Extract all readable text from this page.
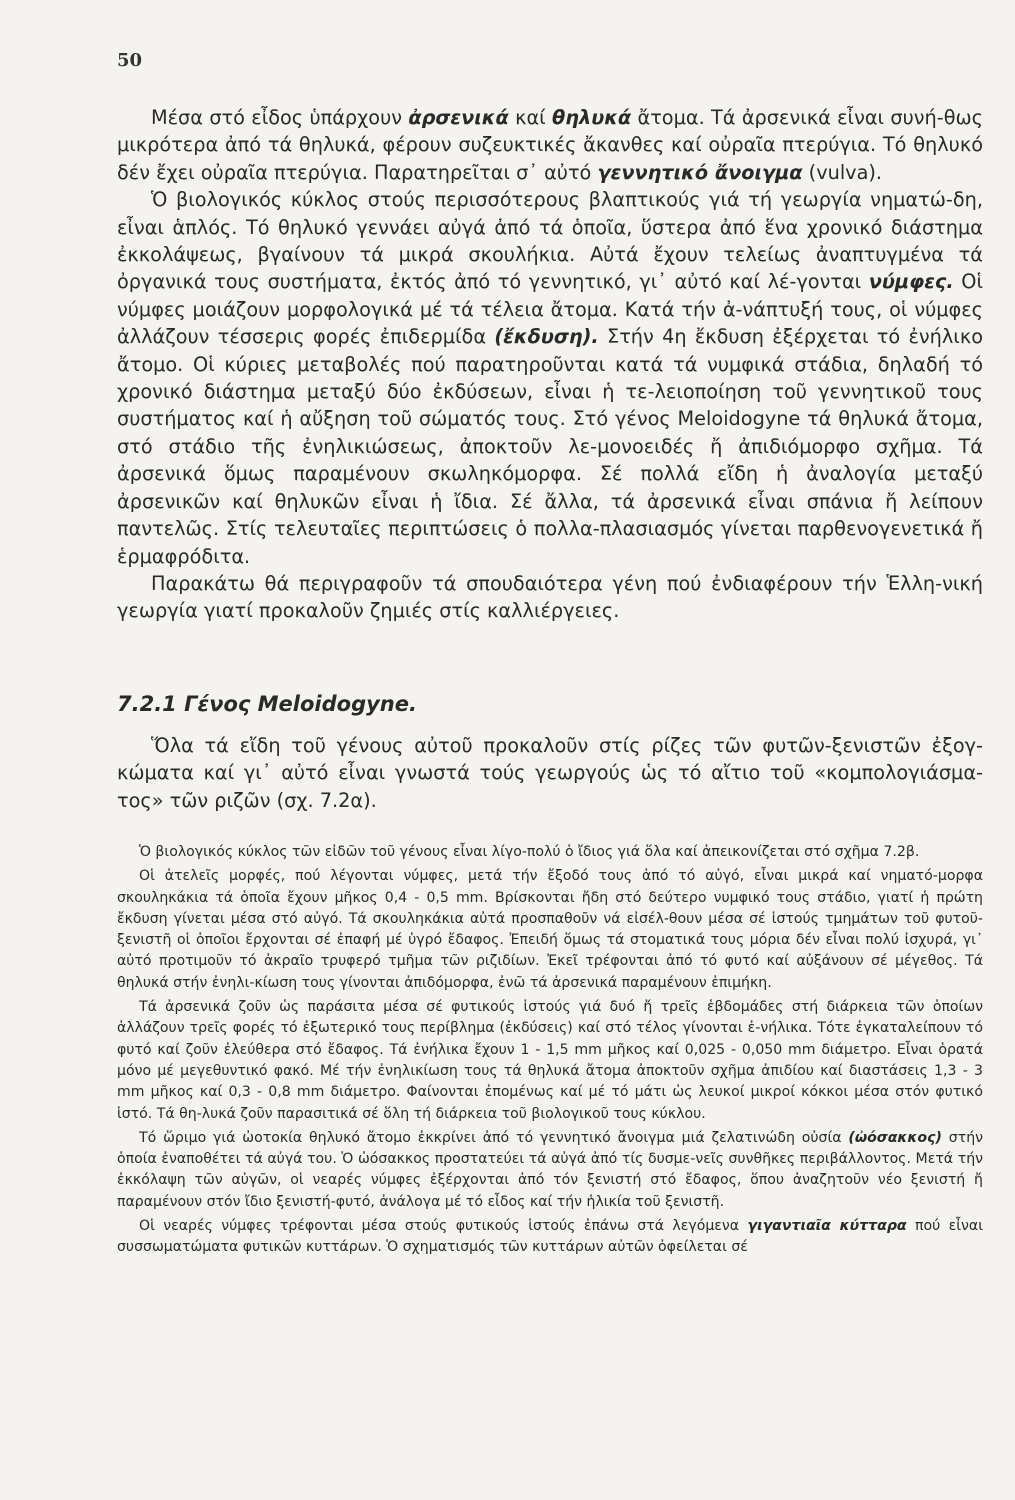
50

Μέσα στό εἶδος ὑπάρχουν ἀρσενικά καί θηλυκά ἄτομα. Τά ἀρσενικά εἶναι συνή-θως μικρότερα ἀπό τά θηλυκά, φέρουν συζευκτικές ἄκανθες καί οὐραῖα πτερύγια. Τό θηλυκό δέν ἔχει οὐραῖα πτερύγια. Παρατηρεῖται σ᾽ αὐτό γεννητικό ἄνοιγμα (vulva).

Ὁ βιολογικός κύκλος στούς περισσότερους βλαπτικούς γιά τή γεωργία νηματώ-δη, εἶναι ἁπλός. Τό θηλυκό γεννάει αὐγά ἀπό τά ὁποῖα, ὕστερα ἀπό ἕνα χρονικό διάστημα ἐκκολάψεως, βγαίνουν τά μικρά σκουλήκια. Αὐτά ἔχουν τελείως ἀναπτυγμένα τά ὀργανικά τους συστήματα, ἐκτός ἀπό τό γεννητικό, γι᾽ αὐτό καί λέ-γονται νύμφες. Οἱ νύμφες μοιάζουν μορφολογικά μέ τά τέλεια ἄτομα. Κατά τήν ἀ-νάπτυξή τους, οἱ νύμφες ἀλλάζουν τέσσερις φορές ἐπιδερμίδα (ἔκδυση). Στήν 4η ἔκδυση ἐξέρχεται τό ἐνήλικο ἄτομο. Οἱ κύριες μεταβολές πού παρατηροῦνται κατά τά νυμφικά στάδια, δηλαδή τό χρονικό διάστημα μεταξύ δύο ἐκδύσεων, εἶναι ἡ τε-λειοποίηση τοῦ γεννητικοῦ τους συστήματος καί ἡ αὔξηση τοῦ σώματός τους. Στό γένος Meloidogyne τά θηλυκά ἄτομα, στό στάδιο τῆς ἐνηλικιώσεως, ἀποκτοῦν λε-μονοειδές ἤ ἀπιδιόμορφο σχῆμα. Τά ἀρσενικά ὅμως παραμένουν σκωληκόμορφα. Σέ πολλά εἴδη ἡ ἀναλογία μεταξύ ἀρσενικῶν καί θηλυκῶν εἶναι ἡ ἴδια. Σέ ἄλλα, τά ἀρσενικά εἶναι σπάνια ἤ λείπουν παντελῶς. Στίς τελευταῖες περιπτώσεις ὁ πολλα-πλασιασμός γίνεται παρθενογενετικά ἤ ἑρμαφρόδιτα.

Παρακάτω θά περιγραφοῦν τά σπουδαιότερα γένη πού ἐνδιαφέρουν τήν Ἑλλη-νική γεωργία γιατί προκαλοῦν ζημιές στίς καλλιέργειες.

7.2.1 Γένος Meloidogyne.

Ὅλα τά εἴδη τοῦ γένους αὐτοῦ προκαλοῦν στίς ρίζες τῶν φυτῶν-ξενιστῶν ἐξογ-κώματα καί γι᾽ αὐτό εἶναι γνωστά τούς γεωργούς ὡς τό αἴτιο τοῦ «κομπολογιάσμα-τος» τῶν ριζῶν (σχ. 7.2α).

Ὁ βιολογικός κύκλος τῶν εἰδῶν τοῦ γένους εἶναι λίγο-πολύ ὁ ἴδιος γιά ὅλα καί ἀπεικονίζεται στό σχῆμα 7.2β.

Οἱ ἀτελεῖς μορφές, πού λέγονται νύμφες, μετά τήν ἔξοδό τους ἀπό τό αὐγό, εἶναι μικρά καί νηματό-μορφα σκουληκάκια τά ὁποῖα ἔχουν μῆκος 0,4 - 0,5 mm. Βρίσκονται ἤδη στό δεύτερο νυμφικό τους στάδιο, γιατί ἡ πρώτη ἔκδυση γίνεται μέσα στό αὐγό. Τά σκουληκάκια αὐτά προσπαθοῦν νά εἰσέλ-θουν μέσα σέ ἱστούς τμημάτων τοῦ φυτοῦ-ξενιστῆ οἱ ὁποῖοι ἔρχονται σέ ἐπαφή μέ ὑγρό ἔδαφος. Ἐπειδή ὅμως τά στοματικά τους μόρια δέν εἶναι πολύ ἰσχυρά, γι᾽ αὐτό προτιμοῦν τό ἀκραῖο τρυφερό τμῆμα τῶν ριζιδίων. Ἐκεῖ τρέφονται ἀπό τό φυτό καί αὐξάνουν σέ μέγεθος. Τά θηλυκά στήν ἐνηλι-κίωση τους γίνονται ἀπιδόμορφα, ἐνῶ τά ἀρσενικά παραμένουν ἐπιμήκη.

Τά ἀρσενικά ζοῦν ὡς παράσιτα μέσα σέ φυτικούς ἱστούς γιά δυό ἤ τρεῖς ἑβδομάδες στή διάρκεια τῶν ὁποίων ἀλλάζουν τρεῖς φορές τό ἐξωτερικό τους περίβλημα (ἐκδύσεις) καί στό τέλος γίνονται ἐ-νήλικα. Τότε ἐγκαταλείπουν τό φυτό καί ζοῦν ἐλεύθερα στό ἔδαφος. Τά ἐνήλικα ἔχουν 1 - 1,5 mm μῆκος καί 0,025 - 0,050 mm διάμετρο. Εἶναι ὁρατά μόνο μέ μεγεθυντικό φακό. Μέ τήν ἐνηλικίωση τους τά θηλυκά ἄτομα ἀποκτοῦν σχῆμα ἀπιδίου καί διαστάσεις 1,3 - 3 mm μῆκος καί 0,3 - 0,8 mm διάμετρο. Φαίνονται ἐπομένως καί μέ τό μάτι ὡς λευκοί μικροί κόκκοι μέσα στόν φυτικό ἱστό. Τά θη-λυκά ζοῦν παρασιτικά σέ ὅλη τή διάρκεια τοῦ βιολογικοῦ τους κύκλου.

Τό ὥριμο γιά ὠοτοκία θηλυκό ἄτομο ἐκκρίνει ἀπό τό γεννητικό ἄνοιγμα μιά ζελατινώδη οὐσία (ὠόσακκος) στήν ὁποία ἐναποθέτει τά αὐγά του. Ὁ ὠόσακκος προστατεύει τά αὐγά ἀπό τίς δυσμε-νεῖς συνθῆκες περιβάλλοντος. Μετά τήν ἐκκόλαψη τῶν αὐγῶν, οἱ νεαρές νύμφες ἐξέρχονται ἀπό τόν ξενιστή στό ἔδαφος, ὅπου ἀναζητοῦν νέο ξενιστή ἤ παραμένουν στόν ἴδιο ξενιστή-φυτό, ἀνάλογα μέ τό εἶδος καί τήν ἡλικία τοῦ ξενιστῆ.

Οἱ νεαρές νύμφες τρέφονται μέσα στούς φυτικούς ἱστούς ἐπάνω στά λεγόμενα γιγαντιαῖα κύτταρα πού εἶναι συσσωματώματα φυτικῶν κυττάρων. Ὁ σχηματισμός τῶν κυττάρων αὐτῶν ὀφείλεται σέ
